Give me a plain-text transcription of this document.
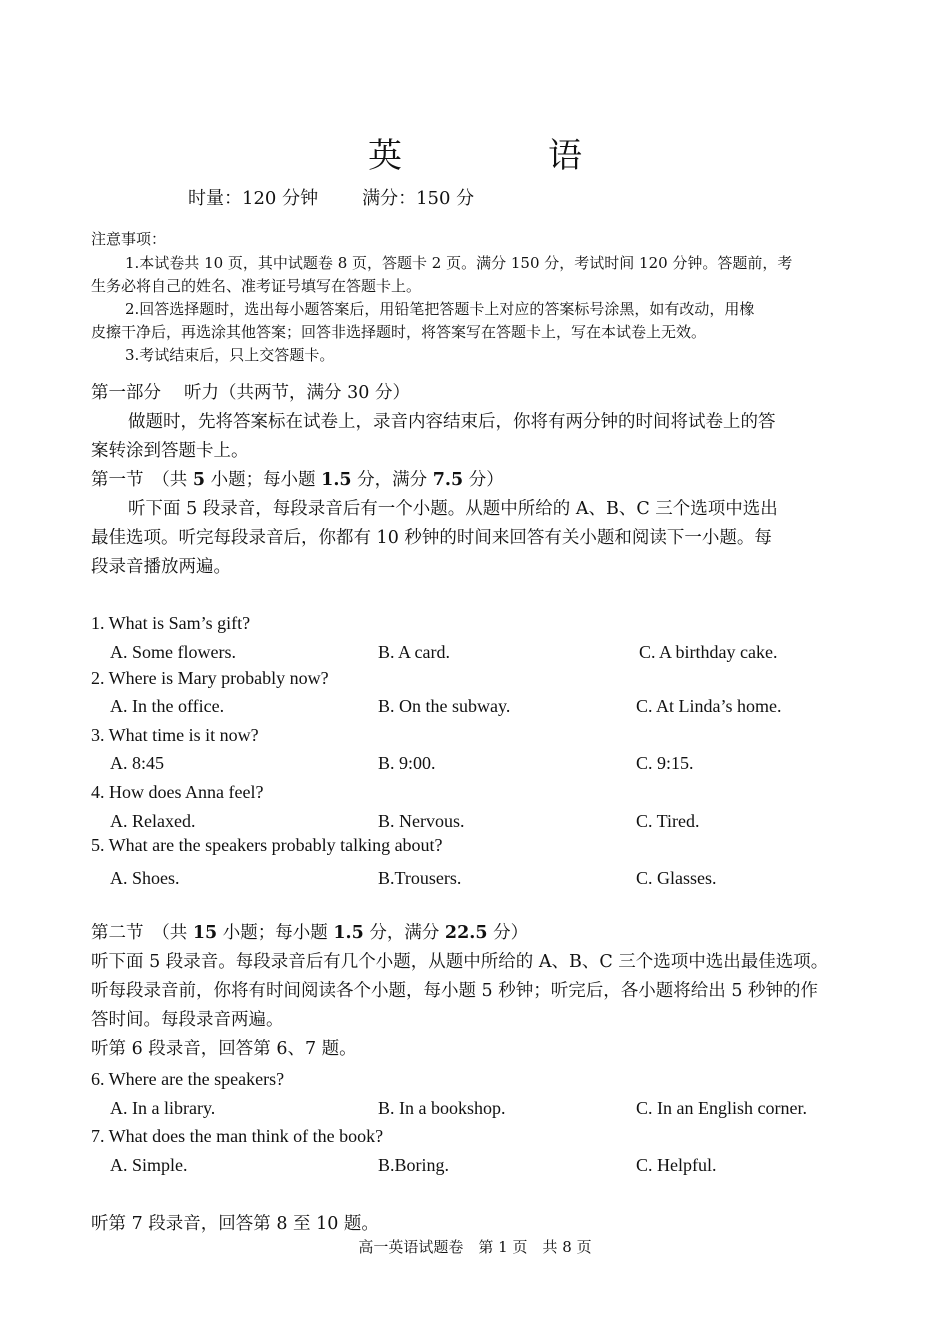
英　语
时量：120 分钟 满分：150 分
注意事项：
1.本试卷共 10 页，其中试题卷 8 页，答题卡 2 页。满分 150 分，考试时间 120 分钟。答题前，考
生务必将自己的姓名、准考证号填写在答题卡上。
2.回答选择题时，选出每小题答案后，用铅笔把答题卡上对应的答案标号涂黑，如有改动，用橡
皮擦干净后，再选涂其他答案；回答非选择题时，将答案写在答题卡上，写在本试卷上无效。
3.考试结束后，只上交答题卡。
第一部分　 听力（共两节，满分 30 分）
做题时，先将答案标在试卷上，录音内容结束后，你将有两分钟的时间将试卷上的答
案转涂到答题卡上。
第一节　（共 5 小题；每小题 1.5 分，满分 7.5 分）
听下面 5 段录音，每段录音后有一个小题。从题中所给的 A、B、C 三个选项中选出
最佳选项。听完每段录音后，你都有 10 秒钟的时间来回答有关小题和阅读下一小题。每
段录音播放两遍。
1. What is Sam’s gift?
A. Some flowers.	B. A card.	C. A birthday cake.
2. Where is Mary probably now?
A. In the office.	B. On the subway.	C. At Linda’s home.
3. What time is it now?
A. 8:45	B. 9:00.	C. 9:15.
4. How does Anna feel?
A. Relaxed.	B. Nervous.	C. Tired.
5. What are the speakers probably talking about?
A. Shoes.	B.Trousers.	C. Glasses.
第二节　（共 15 小题；每小题 1.5 分，满分 22.5 分）
听下面 5 段录音。每段录音后有几个小题，从题中所给的 A、B、C 三个选项中选出最佳选项。
听每段录音前，你将有时间阅读各个小题，每小题 5 秒钟；听完后，各小题将给出 5 秒钟的作
答时间。每段录音两遍。
听第 6 段录音，回答第 6、7 题。
6. Where are the speakers?
A. In a library.	B. In a bookshop.	C. In an English corner.
7. What does the man think of the book?
A. Simple.	B.Boring.	C. Helpful.
听第 7 段录音，回答第 8 至 10 题。
高一英语试题卷　第 1 页　共 8 页
